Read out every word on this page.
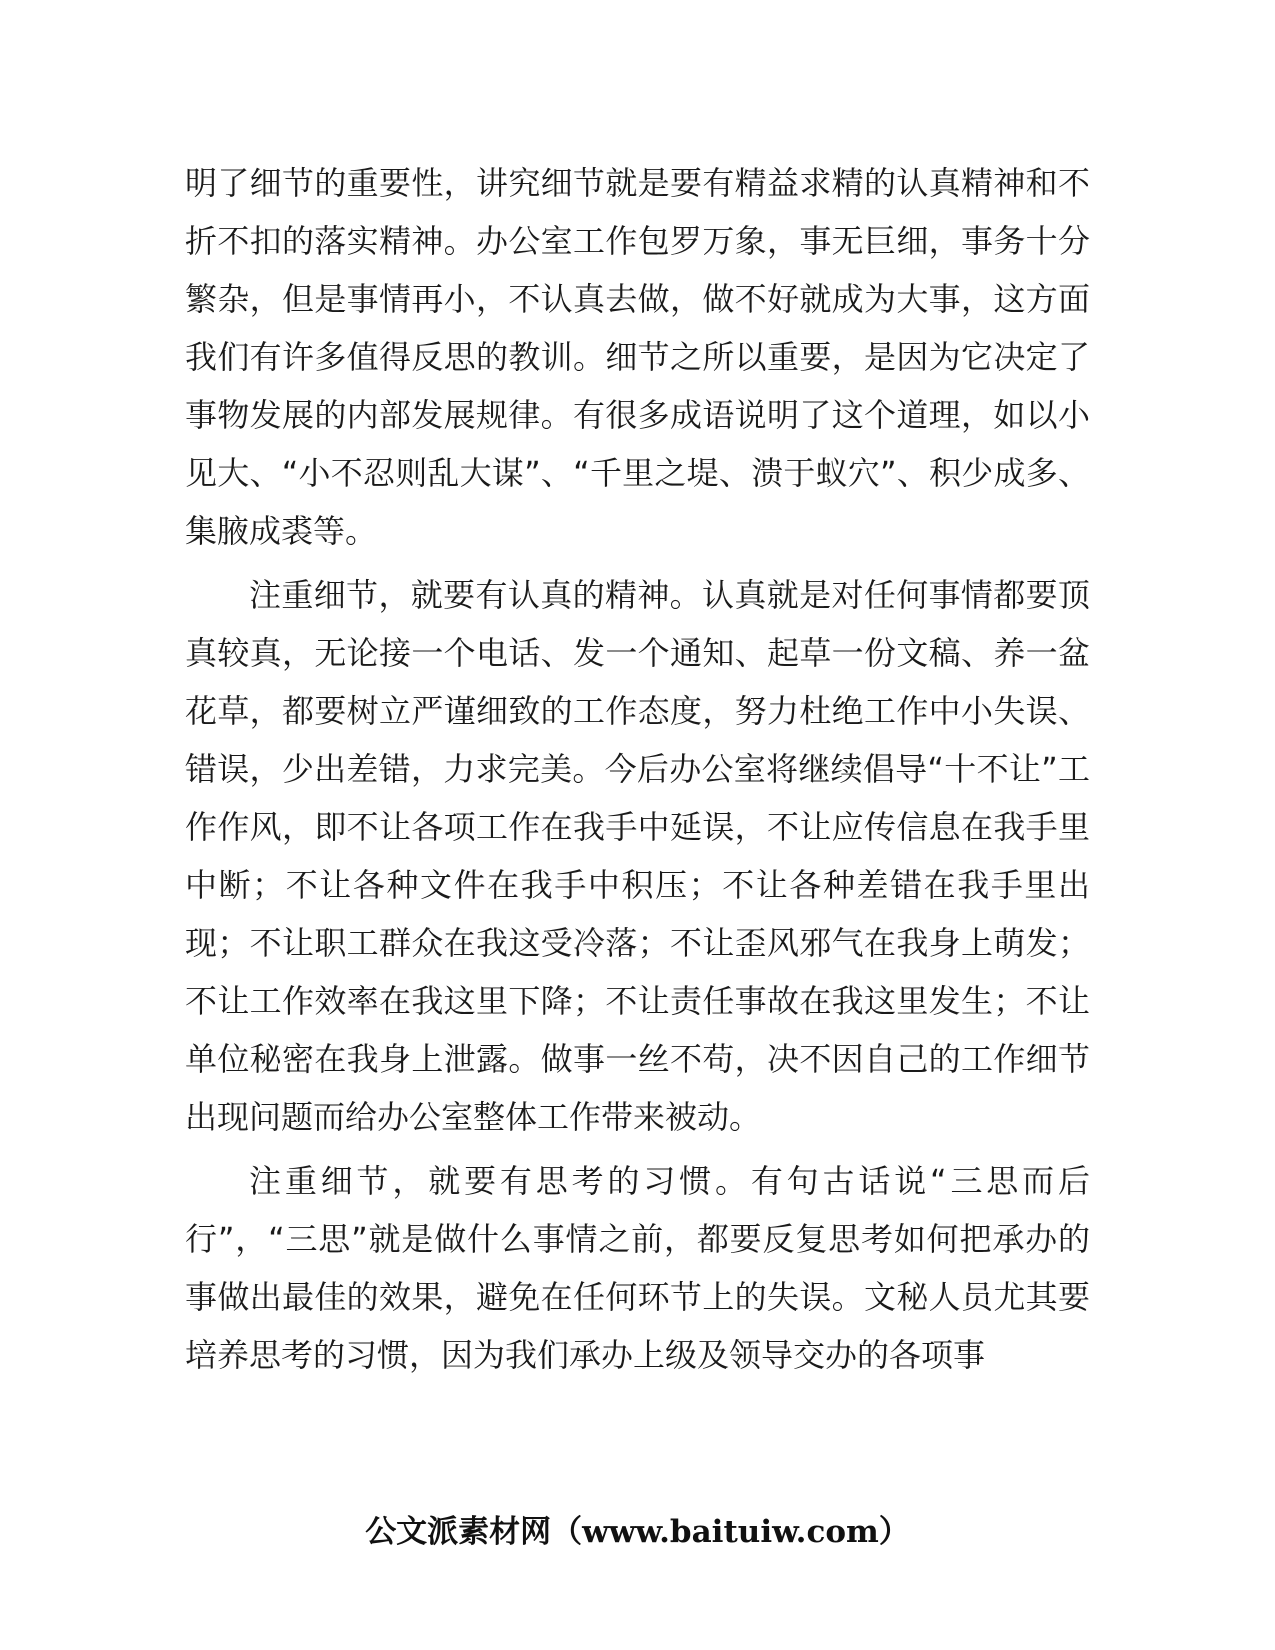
明了细节的重要性，讲究细节就是要有精益求精的认真精神和不折不扣的落实精神。办公室工作包罗万象，事无巨细，事务十分繁杂，但是事情再小，不认真去做，做不好就成为大事，这方面我们有许多值得反思的教训。细节之所以重要，是因为它决定了事物发展的内部发展规律。有很多成语说明了这个道理，如以小见大、“小不忍则乱大谋”、“千里之堤、溃于蚁穴”、积少成多、集腋成裘等。

注重细节，就要有认真的精神。认真就是对任何事情都要顶真较真，无论接一个电话、发一个通知、起草一份文稿、养一盆花草，都要树立严谨细致的工作态度，努力杜绝工作中小失误、错误，少出差错，力求完美。今后办公室将继续倡导“十不让”工作作风，即不让各项工作在我手中延误，不让应传信息在我手里中断；不让各种文件在我手中积压；不让各种差错在我手里出现；不让职工群众在我这受冷落；不让歪风邪气在我身上萌发；不让工作效率在我这里下降；不让责任事故在我这里发生；不让单位秘密在我身上泄露。做事一丝不苟，决不因自己的工作细节出现问题而给办公室整体工作带来被动。

注重细节，就要有思考的习惯。有句古话说“三思而后行”，“三思”就是做什么事情之前，都要反复思考如何把承办的事做出最佳的效果，避免在任何环节上的失误。文秘人员尤其要培养思考的习惯，因为我们承办上级及领导交办的各项事

公文派素材网（www.baituiw.com）
